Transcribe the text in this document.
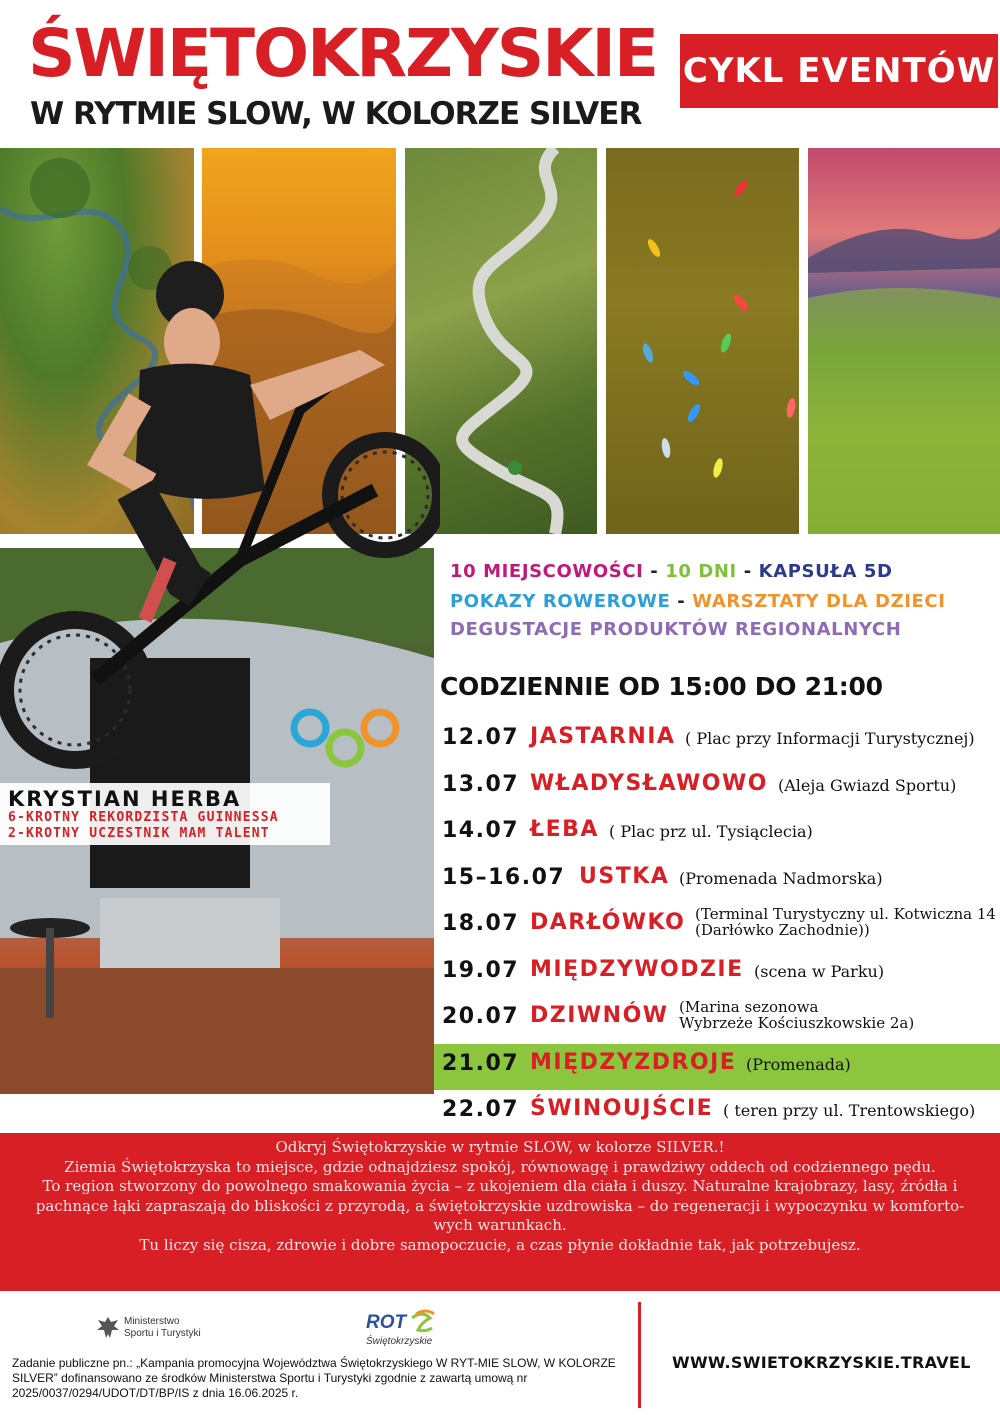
ŚWIĘTOKRZYSKIE
W RYTMIE SLOW, W KOLORZE SILVER
CYKL EVENTÓW
KRYSTIAN HERBA
6-KROTNY REKORDZISTA GUINNESSA
2-KROTNY UCZESTNIK MAM TALENT
10 MIEJSCOWOŚCI - 10 DNI - KAPSUŁA 5D
POKAZY ROWEROWE - WARSZTATY DLA DZIECI
DEGUSTACJE PRODUKTÓW REGIONALNYCH
CODZIENNIE OD 15:00 DO 21:00
12.07 JASTARNIA ( Plac przy Informacji Turystycznej)
13.07 WŁADYSŁAWOWO (Aleja Gwiazd Sportu)
14.07 ŁEBA ( Plac prz ul. Tysiąclecia)
15–16.07 USTKA (Promenada Nadmorska)
18.07 DARŁÓWKO (Terminal Turystyczny ul. Kotwiczna 14
(Darłówko Zachodnie))
19.07 MIĘDZYWODZIE (scena w Parku)
20.07 DZIWNÓW (Marina sezonowa
Wybrzeże Kościuszkowskie 2a)
21.07 MIĘDZYZDROJE (Promenada)
22.07 ŚWINOUJŚCIE ( teren przy ul. Trentowskiego)
Odkryj Świętokrzyskie w rytmie SLOW, w kolorze SILVER.!
Ziemia Świętokrzyska to miejsce, gdzie odnajdziesz spokój, równowagę i prawdziwy oddech od codziennego pędu.
To region stworzony do powolnego smakowania życia – z ukojeniem dla ciała i duszy. Naturalne krajobrazy, lasy, źródła i
pachnące łąki zapraszają do bliskości z przyrodą, a świętokrzyskie uzdrowiska – do regeneracji i wypoczynku w komforto-
wych warunkach.
Tu liczy się cisza, zdrowie i dobre samopoczucie, a czas płynie dokładnie tak, jak potrzebujesz.
Ministerstwo
Sportu i Turystyki
ROT
Świętokrzyskie
Zadanie publiczne pn.: „Kampania promocyjna Województwa Świętokrzyskiego W RYT-MIE SLOW, W KOLORZE SILVER” dofinansowano ze środków Ministerstwa Sportu i Turystyki zgodnie z zawartą umową nr 2025/0037/0294/UDOT/DT/BP/IS z dnia 16.06.2025 r.
WWW.SWIETOKRZYSKIE.TRAVEL
